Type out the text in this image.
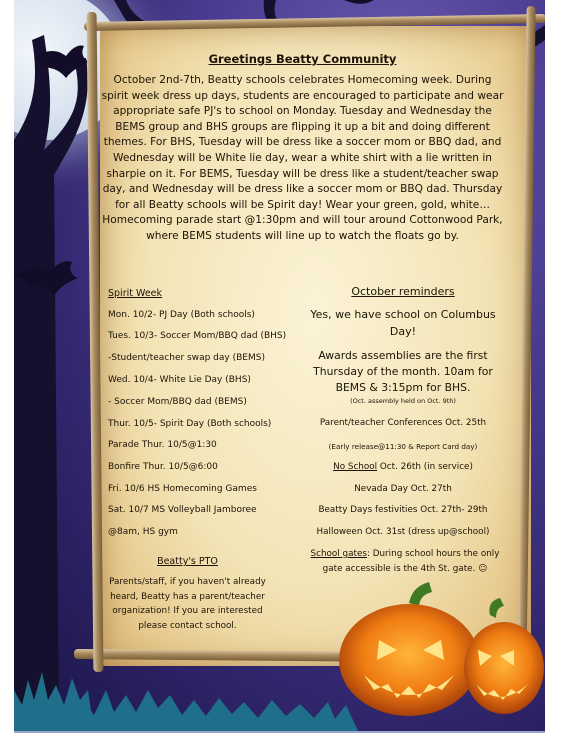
Greetings Beatty Community
October 2nd-7th, Beatty schools celebrates Homecoming week. During spirit week dress up days, students are encouraged to participate and wear appropriate safe PJ's to school on Monday. Tuesday and Wednesday the BEMS group and BHS groups are flipping it up a bit and doing different themes. For BHS, Tuesday will be dress like a soccer mom or BBQ dad, and Wednesday will be White lie day, wear a white shirt with a lie written in sharpie on it. For BEMS, Tuesday will be dress like a student/teacher swap day, and Wednesday will be dress like a soccer mom or BBQ dad. Thursday for all Beatty schools will be Spirit day! Wear your green, gold, white… Homecoming parade start @1:30pm and will tour around Cottonwood Park, where BEMS students will line up to watch the floats go by.
Spirit Week
Mon. 10/2- PJ Day (Both schools)
Tues. 10/3- Soccer Mom/BBQ dad (BHS)
-Student/teacher swap day (BEMS)
Wed. 10/4- White Lie Day (BHS)
- Soccer Mom/BBQ dad (BEMS)
Thur. 10/5- Spirit Day (Both schools)
Parade Thur. 10/5@1:30
Bonfire Thur. 10/5@6:00
Fri. 10/6 HS Homecoming Games
Sat. 10/7 MS Volleyball Jamboree
@8am, HS gym
Beatty's PTO
Parents/staff, if you haven't already heard, Beatty has a parent/teacher organization! If you are interested please contact school.
October reminders
Yes, we have school on Columbus Day!
Awards assemblies are the first Thursday of the month. 10am for BEMS & 3:15pm for BHS.
(Oct. assembly held on Oct. 9th)
Parent/teacher Conferences Oct. 25th
(Early release@11:30 & Report Card day)
No School Oct. 26th (in service)
Nevada Day Oct. 27th
Beatty Days festivities Oct. 27th- 29th
Halloween Oct. 31st (dress up@school)
School gates: During school hours the only gate accessible is the 4th St. gate. ☺
